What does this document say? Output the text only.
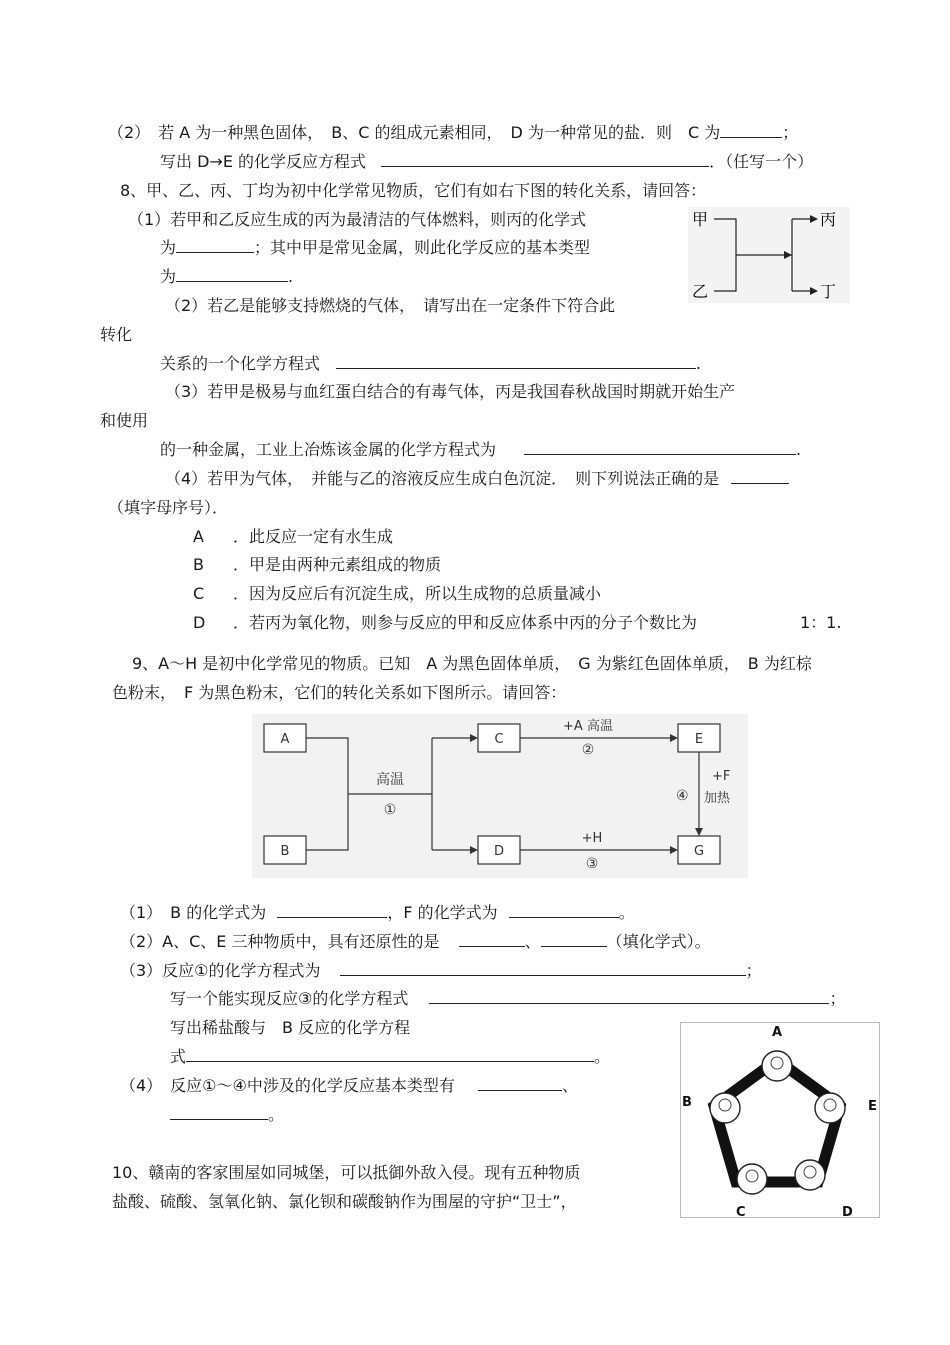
（2）　若 A 为一种黑色固体，　B、C 的组成元素相同，　D 为一种常见的盐．则　C 为	；
写出 D→E 的化学反应方程式	．（任写一个）
8、甲、乙、丙、丁均为初中化学常见物质，它们有如右下图的转化关系，请回答：
（1）若甲和乙反应生成的丙为最清洁的气体燃料，则丙的化学式
为	；其中甲是常见金属，则此化学反应的基本类型
为	.
（2）若乙是能够支持燃烧的气体，　请写出在一定条件下符合此
转化
关系的一个化学方程式	.
（3）若甲是极易与血红蛋白结合的有毒气体，丙是我国春秋战国时期就开始生产
和使用
的一种金属，工业上冶炼该金属的化学方程式为	.
（4）若甲为气体，　并能与乙的溶液反应生成白色沉淀．　则下列说法正确的是
（填字母序号）．
A ．此反应一定有水生成
B ．甲是由两种元素组成的物质
C ．因为反应后有沉淀生成，所以生成物的总质量减小
D ．若丙为氧化物，则参与反应的甲和反应体系中丙的分子个数比为	1：1.
甲
乙
丙
丁
9、A～H 是初中化学常见的物质。已知　A 为黑色固体单质，　G 为紫红色固体单质，　B 为红棕
色粉末，　F 为黑色粉末，它们的转化关系如下图所示。请回答：
A
B
C
D
E
G
高温
①
+A 高温
②
+H
③
+F
④ 加热
（1）　B 的化学式为	，F 的化学式为	。
（2）A、C、E 三种物质中，具有还原性的是	、	（填化学式）。
（3）反应①的化学方程式为	；
写一个能实现反应③的化学方程式	；
写出稀盐酸与　B 反应的化学方程
式	。
（4）　反应①～④中涉及的化学反应基本类型有	、
。
10、赣南的客家围屋如同城堡，可以抵御外敌入侵。现有五种物质
盐酸、硫酸、氢氧化钠、氯化钡和碳酸钠作为围屋的守护“卫士”，
A
B	E
C	D
